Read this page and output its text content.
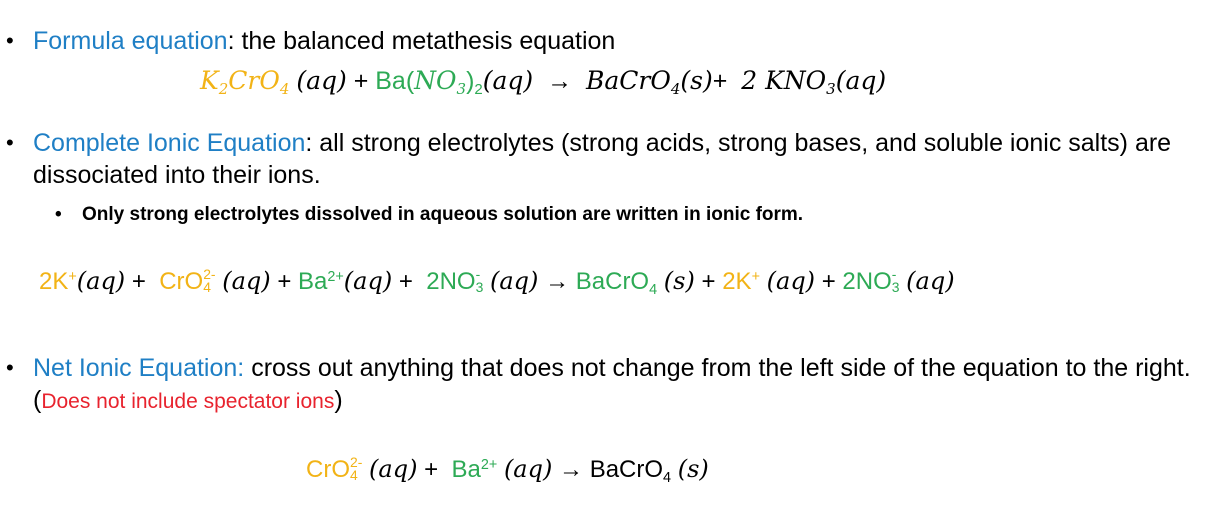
• Formula equation: the balanced metathesis equation
$K_2CrO_4$ $(aq) + Ba(NO_3)_2(aq)$ → BaCrO$_4$(s)+ 2 $KNO_3(aq)$
• Complete Ionic Equation: all strong electrolytes (strong acids, strong bases, and soluble ionic salts) are dissociated into their ions.
• Only strong electrolytes dissolved in aqueous solution are written in ionic form.
2K+(aq) + CrO 2-
4 $(aq) + Ba^{2+}(aq) + 2NO$ -
3 (aq) → BaCrO$_4$ (s) + 2K+ (aq) + 2NO -
3 (aq)
• Net Ionic Equation: cross out anything that does not change from the left side of the equation to the right. (Does not include spectator ions)
CrO 2-
4 $(aq) + Ba^{2+}$ (aq) → BaCrO$_4$ (s)
